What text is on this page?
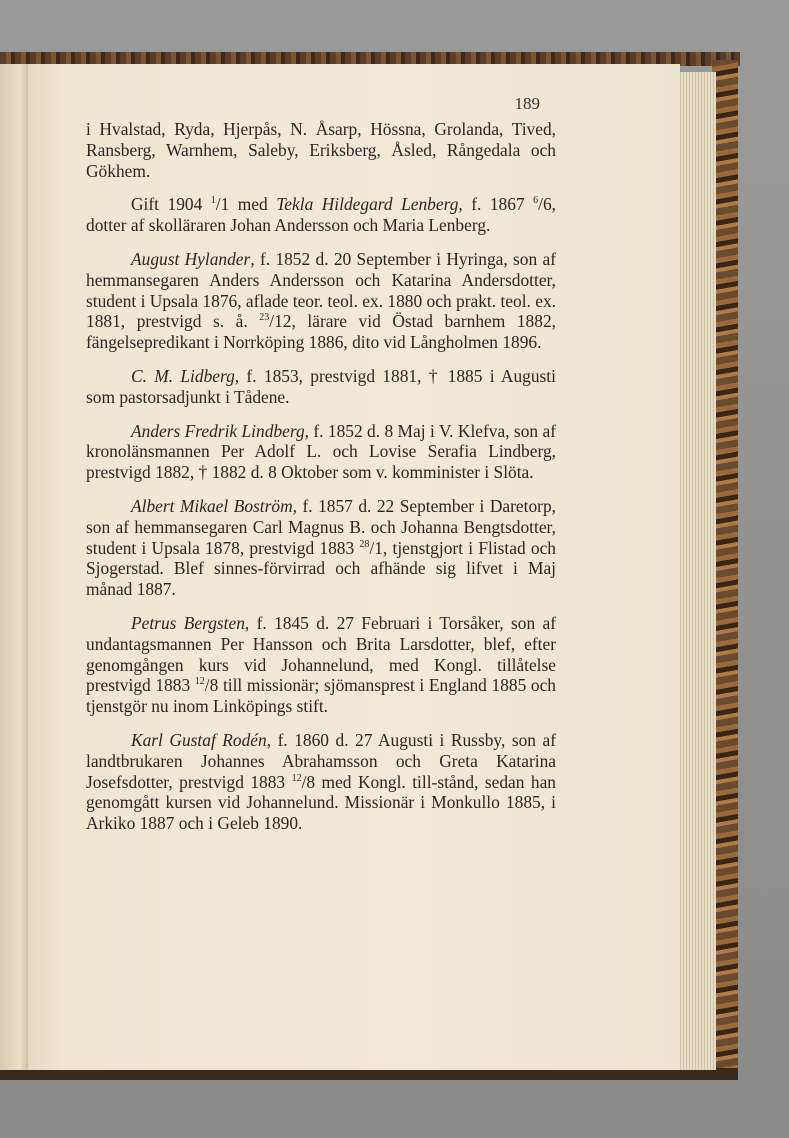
189

i Hvalstad, Ryda, Hjerpås, N. Åsarp, Hössna, Grolanda, Tived, Ransberg, Warnhem, Saleby, Eriksberg, Åsled, Rångedala och Gökhem.

Gift 1904 $^1$/1 med Tekla Hildegard Lenberg, f. 1867 $^6$/6, dotter af skolläraren Johan Andersson och Maria Lenberg.

August Hylander, f. 1852 d. 20 September i Hyringa, son af hemmansegaren Anders Andersson och Katarina Andersdotter, student i Upsala 1876, aflade teor. teol. ex. 1880 och prakt. teol. ex. 1881, prestvigd s. å. $^{23}$/12, lärare vid Östad barnhem 1882, fängelsepredikant i Norrköping 1886, dito vid Långholmen 1896.

C. M. Lidberg, f. 1853, prestvigd 1881, † 1885 i Augusti som pastorsadjunkt i Tådene.

Anders Fredrik Lindberg, f. 1852 d. 8 Maj i V. Klefva, son af kronolänsmannen Per Adolf L. och Lovise Serafia Lindberg, prestvigd 1882, † 1882 d. 8 Oktober som v. komminister i Slöta.

Albert Mikael Boström, f. 1857 d. 22 September i Daretorp, son af hemmansegaren Carl Magnus B. och Johanna Bengtsdotter, student i Upsala 1878, prestvigd 1883 $^{28}$/1, tjenstgjort i Flistad och Sjogerstad. Blef sinnes-förvirrad och afhände sig lifvet i Maj månad 1887.

Petrus Bergsten, f. 1845 d. 27 Februari i Torsåker, son af undantagsmannen Per Hansson och Brita Larsdotter, blef, efter genomgången kurs vid Johannelund, med Kongl. tillåtelse prestvigd 1883 $^{12}$/8 till missionär; sjömansprest i England 1885 och tjenstgör nu inom Linköpings stift.

Karl Gustaf Rodén, f. 1860 d. 27 Augusti i Russby, son af landtbrukaren Johannes Abrahamsson och Greta Katarina Josefsdotter, prestvigd 1883 $^{12}$/8 med Kongl. till-stånd, sedan han genomgått kursen vid Johannelund. Missionär i Monkullo 1885, i Arkiko 1887 och i Geleb 1890.
